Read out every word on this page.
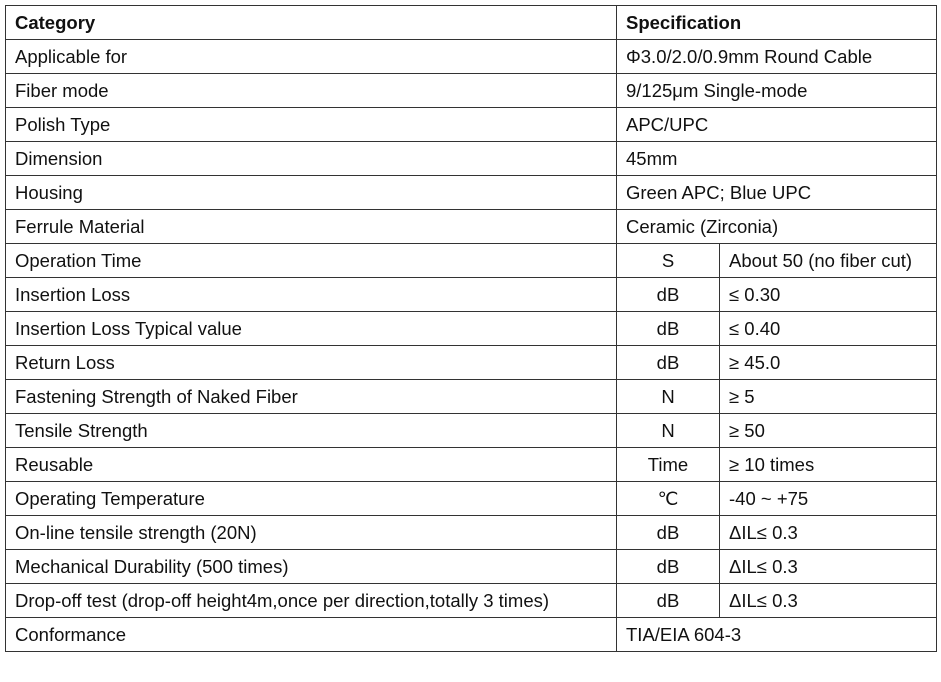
Category	Specification	
Applicable for	Φ3.0/2.0/0.9mm Round Cable	
Fiber mode	9/125μm Single-mode	
Polish Type	APC/UPC	
Dimension	45mm	
Housing	Green APC; Blue UPC	
Ferrule Material	Ceramic (Zirconia)	
Operation Time	S	About 50 (no fiber cut)
Insertion Loss	dB	≤ 0.30
Insertion Loss Typical value	dB	≤ 0.40
Return Loss	dB	≥ 45.0
Fastening Strength of Naked Fiber	N	≥ 5
Tensile Strength	N	≥ 50
Reusable	Time	≥ 10 times
Operating Temperature	℃	-40 ~ +75
On-line tensile strength (20N)	dB	ΔIL≤ 0.3
Mechanical Durability (500 times)	dB	ΔIL≤ 0.3
Drop-off test (drop-off height4m,once per direction,totally 3 times)	dB	ΔIL≤ 0.3
Conformance	TIA/EIA 604-3	
